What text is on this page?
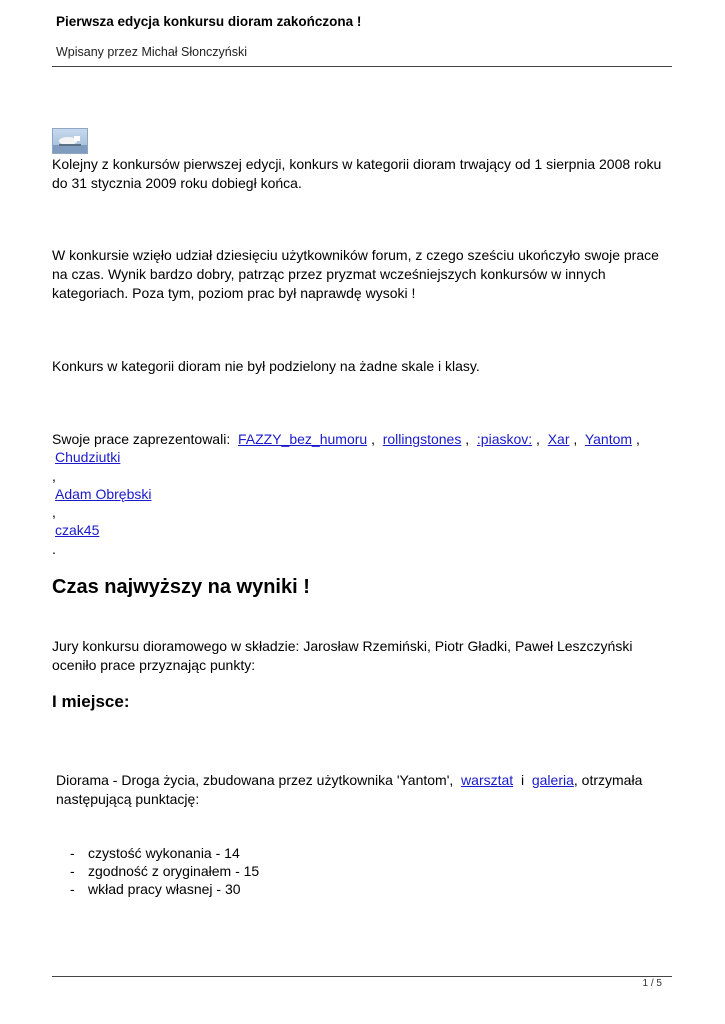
Pierwsza edycja konkursu dioram zakończona !
Wpisany przez Michał Słonczyński

Kolejny z konkursów pierwszej edycji, konkurs w kategorii dioram trwający od 1 sierpnia 2008 roku do 31 stycznia 2009 roku dobiegł końca.

W konkursie wzięło udział dziesięciu użytkowników forum, z czego sześciu ukończyło swoje prace na czas. Wynik bardzo dobry, patrząc przez pryzmat wcześniejszych konkursów w innych kategoriach. Poza tym, poziom prac był naprawdę wysoki !

Konkurs w kategorii dioram nie był podzielony na żadne skale i klasy.

Swoje prace zaprezentowali: FAZZY_bez_humoru , rollingstones , :piaskov: , Xar , Yantom ,
Chudziutki
,
Adam Obrębski
,
czak45
.
Czas najwyższy na wyniki !

Jury konkursu dioramowego w składzie: Jarosław Rzemiński, Piotr Gładki, Paweł Leszczyński oceniło prace przyznając punkty:

I miejsce:

Diorama - Droga życia, zbudowana przez użytkownika 'Yantom', warsztat i galeria, otrzymała następującą punktację:

- czystość wykonania - 14
- zgodność z oryginałem - 15
- wkład pracy własnej - 30
1 / 5
